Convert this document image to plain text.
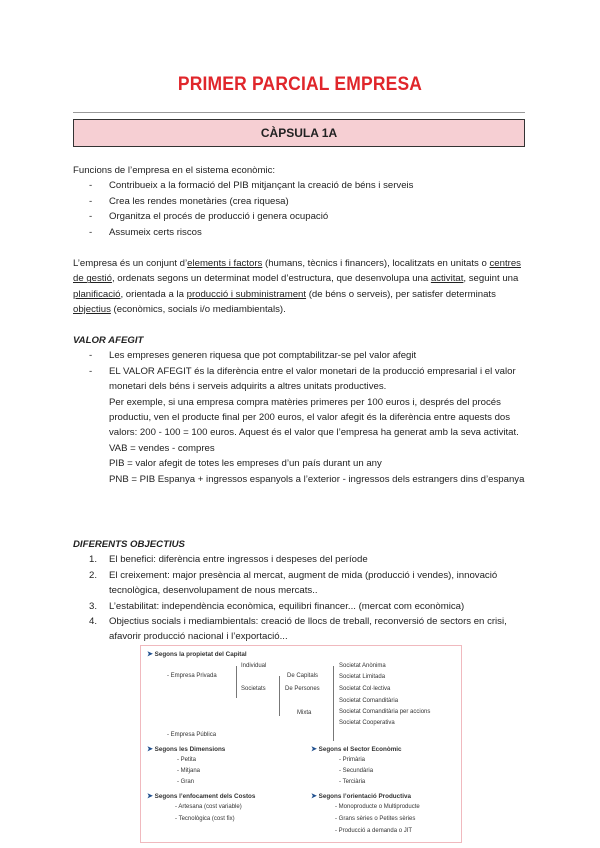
PRIMER PARCIAL EMPRESA
CÀPSULA 1A

Funcions de l’empresa en el sistema econòmic:

- Contribueix a la formació del PIB mitjançant la creació de béns i serveis
- Crea les rendes monetàries (crea riquesa)
- Organitza el procés de producció i genera ocupació
- Assumeix certs riscos

L’empresa és un conjunt d’elements i factors (humans, tècnics i financers), localitzats en unitats o centres de gestió, ordenats segons un determinat model d’estructura, que desenvolupa una activitat, seguint una planificació, orientada a la producció i subministrament (de béns o serveis), per satisfer determinats objectius (econòmics, socials i/o mediambientals).

VALOR AFEGIT

- Les empreses generen riquesa que pot comptabilitzar-se pel valor afegit
- EL VALOR AFEGIT és la diferència entre el valor monetari de la producció empresarial i el valor monetari dels béns i serveis adquirits a altres unitats productives.

Per exemple, si una empresa compra matèries primeres per 100 euros i, després del procés productiu, ven el producte final per 200 euros, el valor afegit és la diferència entre aquests dos valors: 200 - 100 = 100 euros. Aquest és el valor que l’empresa ha generat amb la seva activitat.

VAB = vendes - compres

PIB = valor afegit de totes les empreses d’un país durant un any

PNB = PIB Espanya + ingressos espanyols a l’exterior - ingressos dels estrangers dins d’espanya

DIFERENTS OBJECTIUS

1. El benefici: diferència entre ingressos i despeses del període
2. El creixement: major presència al mercat, augment de mida (producció i vendes), innovació tecnològica, desenvolupament de nous mercats..
3. L’estabilitat: independència econòmica, equilibri financer... (mercat com econòmica)
4. Objectius socials i mediambientals: creació de llocs de treball, reconversió de sectors en crisi, afavorir producció nacional i l’exportació...
➤ Segons la propietat del Capital
- Empresa Privada
Individual
Societats
De Capitals
De Persones
Mixta
Societat Anònima
Societat Limitada
Societat Col·lectiva
Societat Comanditària
Societat Comanditària per accions
Societat Cooperativa
- Empresa Pública
➤ Segons les Dimensions
- Petita
- Mitjana
- Gran
➤ Segons el Sector Econòmic
- Primària
- Secundària
- Terciària
➤ Segons l’enfocament dels Costos
- Artesana (cost variable)
- Tecnològica (cost fix)
➤ Segons l’orientació Productiva
- Monoproducte o Multiproducte
- Grans sèries o Petites sèries
- Producció a demanda o JIT
